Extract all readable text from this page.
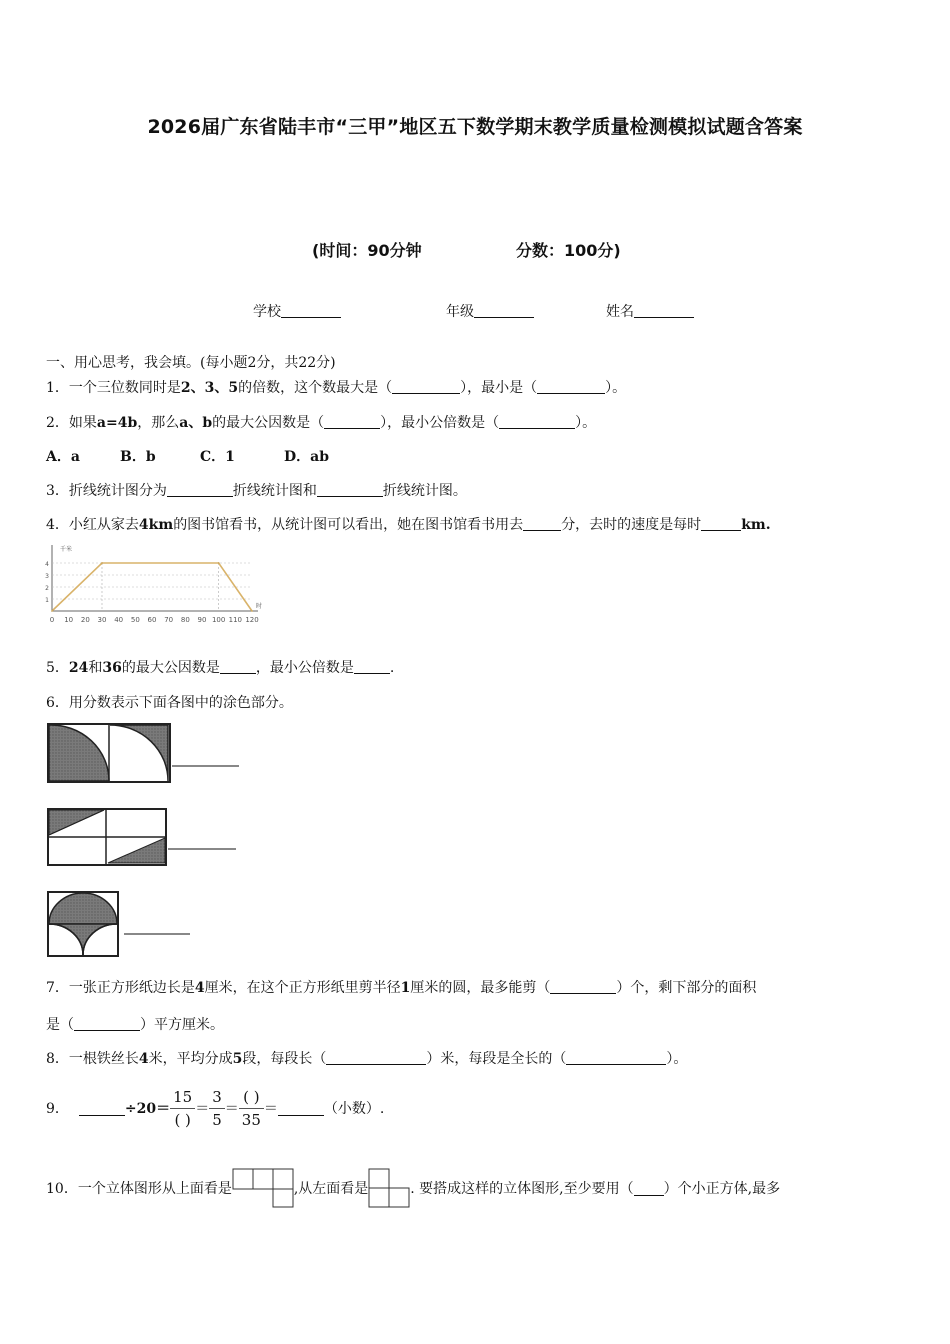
2026届广东省陆丰市“三甲”地区五下数学期末教学质量检测模拟试题含答案
(时间：90分钟	分数：100分)
学校	年级	姓名
一、用心思考，我会填。(每小题2分，共22分)
1．一个三位数同时是2、3、5的倍数，这个数最大是（	），最小是（	）。
2．如果a=4b，那么a、b的最大公因数是（	），最小公倍数是（	）。
A．a	B．b	C．1	D．ab
3．折线统计图分为	折线统计图和	折线统计图。
4．小红从家去4km的图书馆看书，从统计图可以看出，她在图书馆看书用去	分，去时的速度是每时	km.
1
2
3
4
0 10 20 30 40 50 60 70 80 90 100 110 120
千米
时
5．24和36的最大公因数是	，最小公倍数是	.
6．用分数表示下面各图中的涂色部分。
7．一张正方形纸边长是4厘米，在这个正方形纸里剪半径1厘米的圆，最多能剪（	）个，剩下部分的面积
是（	）平方厘米。
8．一根铁丝长4米，平均分成5段，每段长（	）米，每段是全长的（	）。
9．	$\div 20= \frac{15}{( )} = \frac{3}{5} = \frac{( )}{35}$ ＝	（小数）.
10． 一个立体图形从上面看是	,从左面看是	. 要搭成这样的立体图形,至少要用（ ）个小正方体,最多
